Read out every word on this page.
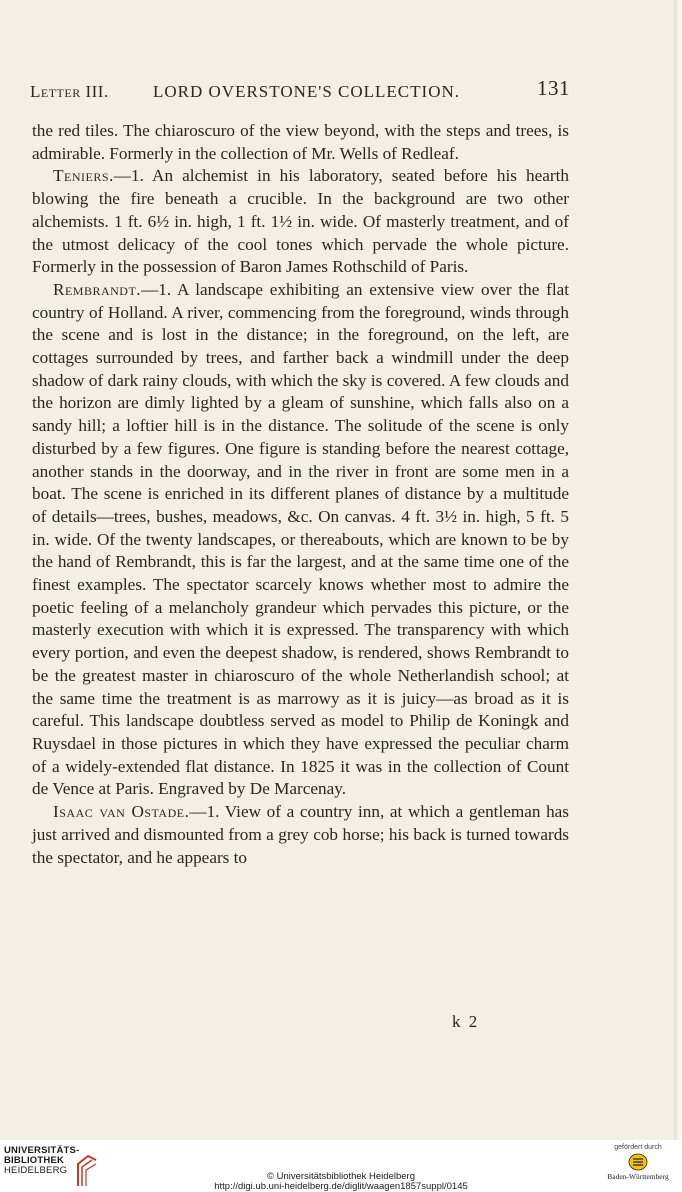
Letter III.	LORD OVERSTONE'S COLLECTION.	131

the red tiles. The chiaroscuro of the view beyond, with the steps and trees, is admirable. Formerly in the collection of Mr. Wells of Redleaf.

Teniers.—1. An alchemist in his laboratory, seated before his hearth blowing the fire beneath a crucible. In the background are two other alchemists. 1 ft. 6½ in. high, 1 ft. 1½ in. wide. Of masterly treatment, and of the utmost delicacy of the cool tones which pervade the whole picture. Formerly in the possession of Baron James Rothschild of Paris.

Rembrandt.—1. A landscape exhibiting an extensive view over the flat country of Holland. A river, commencing from the foreground, winds through the scene and is lost in the distance; in the foreground, on the left, are cottages surrounded by trees, and farther back a windmill under the deep shadow of dark rainy clouds, with which the sky is covered. A few clouds and the horizon are dimly lighted by a gleam of sunshine, which falls also on a sandy hill; a loftier hill is in the distance. The solitude of the scene is only disturbed by a few figures. One figure is standing before the nearest cottage, another stands in the doorway, and in the river in front are some men in a boat. The scene is enriched in its different planes of distance by a multitude of details—trees, bushes, meadows, &c. On canvas. 4 ft. 3½ in. high, 5 ft. 5 in. wide. Of the twenty landscapes, or thereabouts, which are known to be by the hand of Rembrandt, this is far the largest, and at the same time one of the finest examples. The spectator scarcely knows whether most to admire the poetic feeling of a melancholy grandeur which pervades this picture, or the masterly execution with which it is expressed. The transparency with which every portion, and even the deepest shadow, is rendered, shows Rembrandt to be the greatest master in chiaroscuro of the whole Netherlandish school; at the same time the treatment is as marrowy as it is juicy—as broad as it is careful. This landscape doubtless served as model to Philip de Koningk and Ruysdael in those pictures in which they have expressed the peculiar charm of a widely-extended flat distance. In 1825 it was in the collection of Count de Vence at Paris. Engraved by De Marcenay.

Isaac van Ostade.—1. View of a country inn, at which a gentleman has just arrived and dismounted from a grey cob horse; his back is turned towards the spectator, and he appears to

k 2
UNIVERSITÄTS-
BIBLIOTHEK
HEIDELBERG
© Universitätsbibliothek Heidelberg
http://digi.ub.uni-heidelberg.de/diglit/waagen1857suppl/0145
gefördert durch
Baden-Württemberg
